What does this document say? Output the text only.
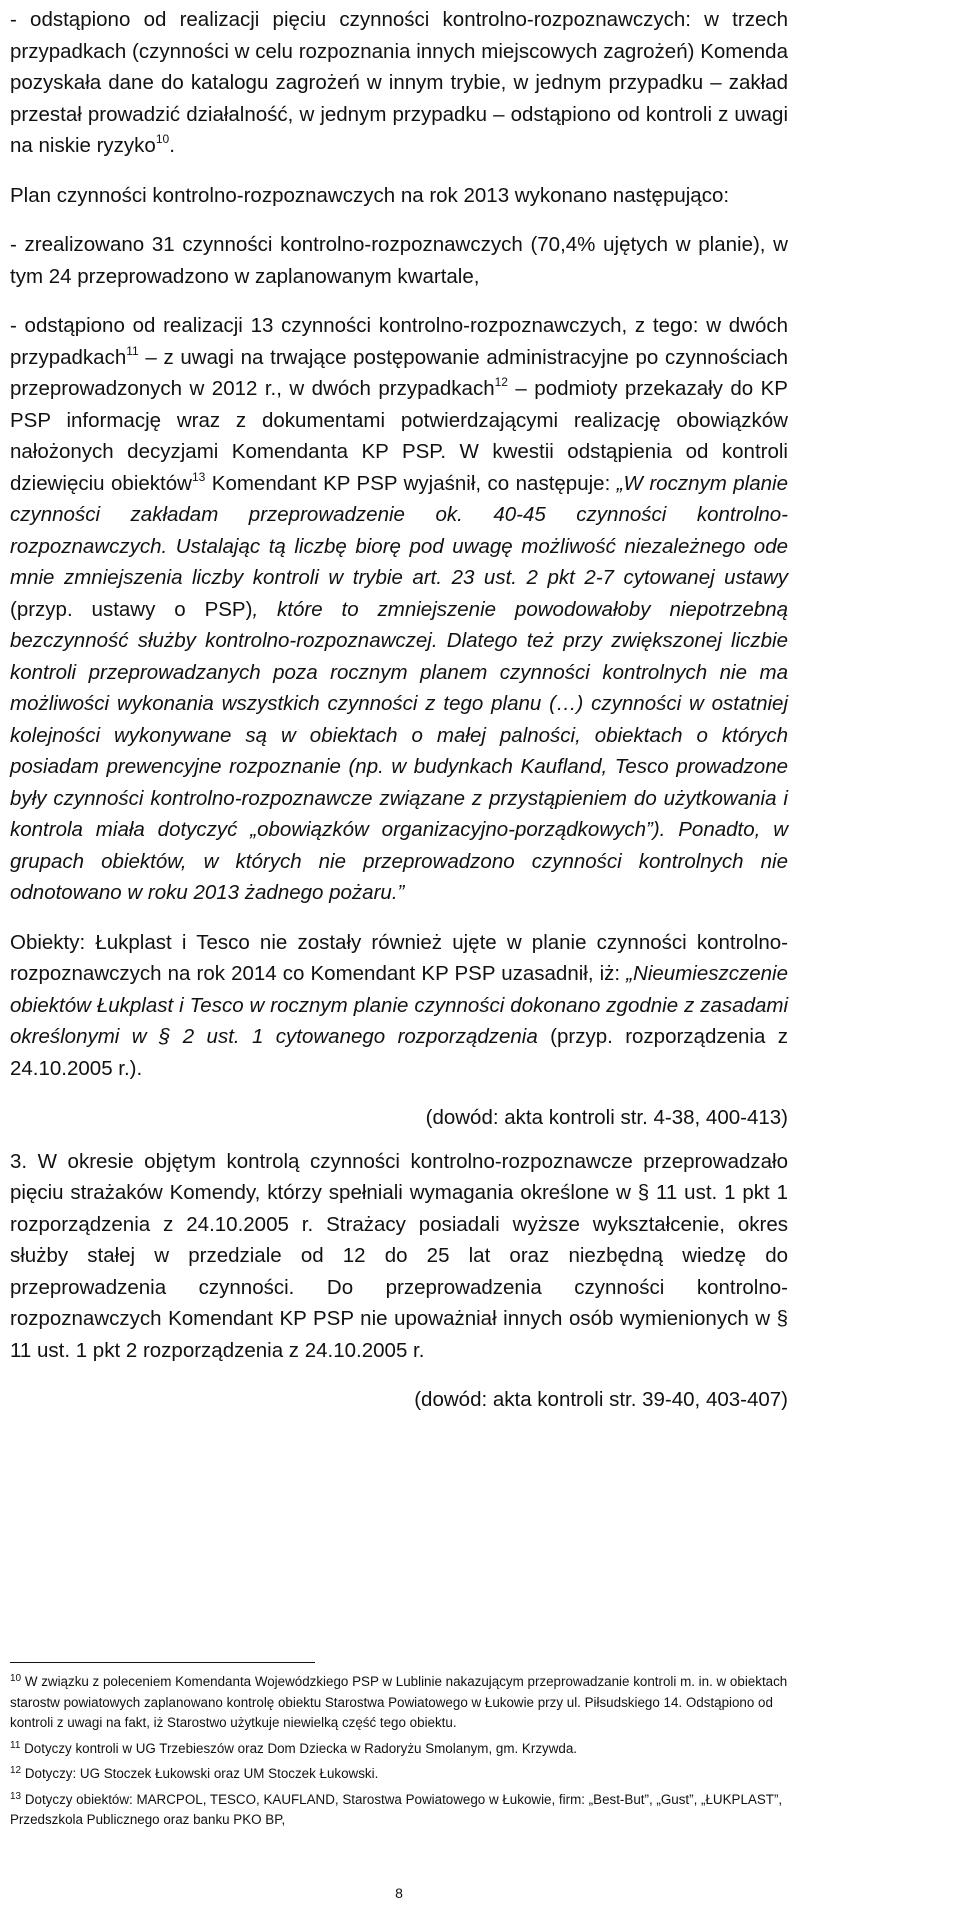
- odstąpiono od realizacji pięciu czynności kontrolno-rozpoznawczych: w trzech przypadkach (czynności w celu rozpoznania innych miejscowych zagrożeń) Komenda pozyskała dane do katalogu zagrożeń w innym trybie, w jednym przypadku – zakład przestał prowadzić działalność, w jednym przypadku – odstąpiono od kontroli z uwagi na niskie ryzyko$^{10}$.

Plan czynności kontrolno-rozpoznawczych na rok 2013 wykonano następująco:

- zrealizowano 31 czynności kontrolno-rozpoznawczych (70,4% ujętych w planie), w tym 24 przeprowadzono w zaplanowanym kwartale,

- odstąpiono od realizacji 13 czynności kontrolno-rozpoznawczych, z tego: w dwóch przypadkach$^{11}$ – z uwagi na trwające postępowanie administracyjne po czynnościach przeprowadzonych w 2012 r., w dwóch przypadkach$^{12}$ – podmioty przekazały do KP PSP informację wraz z dokumentami potwierdzającymi realizację obowiązków nałożonych decyzjami Komendanta KP PSP. W kwestii odstąpienia od kontroli dziewięciu obiektów$^{13}$ Komendant KP PSP wyjaśnił, co następuje: „W rocznym planie czynności zakładam przeprowadzenie ok. 40-45 czynności kontrolno-rozpoznawczych. Ustalając tą liczbę biorę pod uwagę możliwość niezależnego ode mnie zmniejszenia liczby kontroli w trybie art. 23 ust. 2 pkt 2-7 cytowanej ustawy (przyp. ustawy o PSP), które to zmniejszenie powodowałoby niepotrzebną bezczynność służby kontrolno-rozpoznawczej. Dlatego też przy zwiększonej liczbie kontroli przeprowadzanych poza rocznym planem czynności kontrolnych nie ma możliwości wykonania wszystkich czynności z tego planu (…) czynności w ostatniej kolejności wykonywane są w obiektach o małej palności, obiektach o których posiadam prewencyjne rozpoznanie (np. w budynkach Kaufland, Tesco prowadzone były czynności kontrolno-rozpoznawcze związane z przystąpieniem do użytkowania i kontrola miała dotyczyć „obowiązków organizacyjno-porządkowych”). Ponadto, w grupach obiektów, w których nie przeprowadzono czynności kontrolnych nie odnotowano w roku 2013 żadnego pożaru.”

Obiekty: Łukplast i Tesco nie zostały również ujęte w planie czynności kontrolno-rozpoznawczych na rok 2014 co Komendant KP PSP uzasadnił, iż: „Nieumieszczenie obiektów Łukplast i Tesco w rocznym planie czynności dokonano zgodnie z zasadami określonymi w § 2 ust. 1 cytowanego rozporządzenia (przyp. rozporządzenia z 24.10.2005 r.).

(dowód: akta kontroli str. 4-38, 400-413)

3. W okresie objętym kontrolą czynności kontrolno-rozpoznawcze przeprowadzało pięciu strażaków Komendy, którzy spełniali wymagania określone w § 11 ust. 1 pkt 1 rozporządzenia z 24.10.2005 r. Strażacy posiadali wyższe wykształcenie, okres służby stałej w przedziale od 12 do 25 lat oraz niezbędną wiedzę do przeprowadzenia czynności. Do przeprowadzenia czynności kontrolno-rozpoznawczych Komendant KP PSP nie upoważniał innych osób wymienionych w § 11 ust. 1 pkt 2 rozporządzenia z 24.10.2005 r.

(dowód: akta kontroli str. 39-40, 403-407)

$^{10}$ W związku z poleceniem Komendanta Wojewódzkiego PSP w Lublinie nakazującym przeprowadzanie kontroli m. in. w obiektach starostw powiatowych zaplanowano kontrolę obiektu Starostwa Powiatowego w Łukowie przy ul. Piłsudskiego 14. Odstąpiono od kontroli z uwagi na fakt, iż Starostwo użytkuje niewielką część tego obiektu.

$^{11}$ Dotyczy kontroli w UG Trzebieszów oraz Dom Dziecka w Radoryżu Smolanym, gm. Krzywda.

$^{12}$ Dotyczy: UG Stoczek Łukowski oraz UM Stoczek Łukowski.

$^{13}$ Dotyczy obiektów: MARCPOL, TESCO, KAUFLAND, Starostwa Powiatowego w Łukowie, firm: „Best-But”, „Gust”, „ŁUKPLAST”, Przedszkola Publicznego oraz banku PKO BP,

8
